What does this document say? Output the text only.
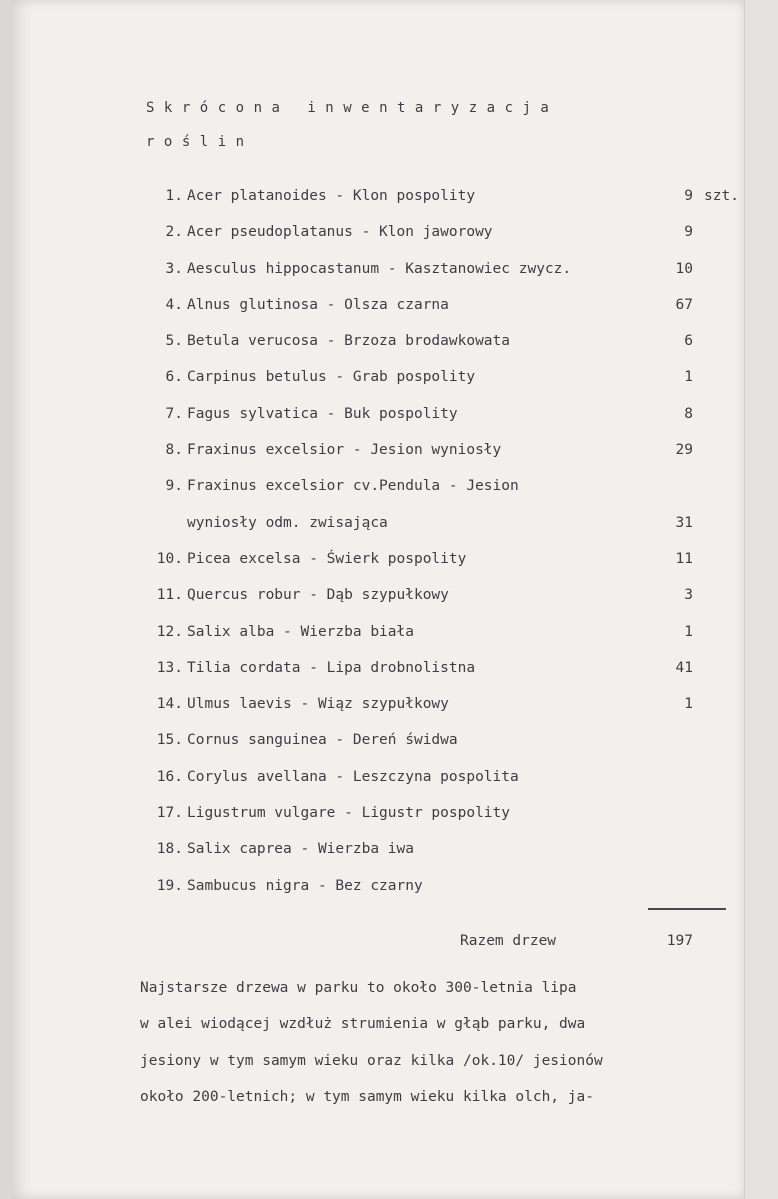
Skrócona inwentaryzacja
roślin
1. Acer platanoides - Klon pospolity	9 szt.
2. Acer pseudoplatanus - Klon jaworowy	9
3. Aesculus hippocastanum - Kasztanowiec zwycz.	10
4. Alnus glutinosa - Olsza czarna	67
5. Betula verucosa - Brzoza brodawkowata	6
6. Carpinus betulus - Grab pospolity	1
7. Fagus sylvatica - Buk pospolity	8
8. Fraxinus excelsior - Jesion wyniosły	29
9. Fraxinus excelsior cv.Pendula - Jesion
wyniosły odm. zwisająca	31
10. Picea excelsa - Świerk pospolity	11
11. Quercus robur - Dąb szypułkowy	3
12. Salix alba - Wierzba biała	1
13. Tilia cordata - Lipa drobnolistna	41
14. Ulmus laevis - Wiąz szypułkowy	1
15. Cornus sanguinea - Dereń świdwa
16. Corylus avellana - Leszczyna pospolita
17. Ligustrum vulgare - Ligustr pospolity
18. Salix caprea - Wierzba iwa
19. Sambucus nigra - Bez czarny
Razem drzew	197
Najstarsze drzewa w parku to około 300-letnia lipa
w alei wiodącej wzdłuż strumienia w głąb parku, dwa
jesiony w tym samym wieku oraz kilka /ok.10/ jesionów
około 200-letnich; w tym samym wieku kilka olch, ja-
